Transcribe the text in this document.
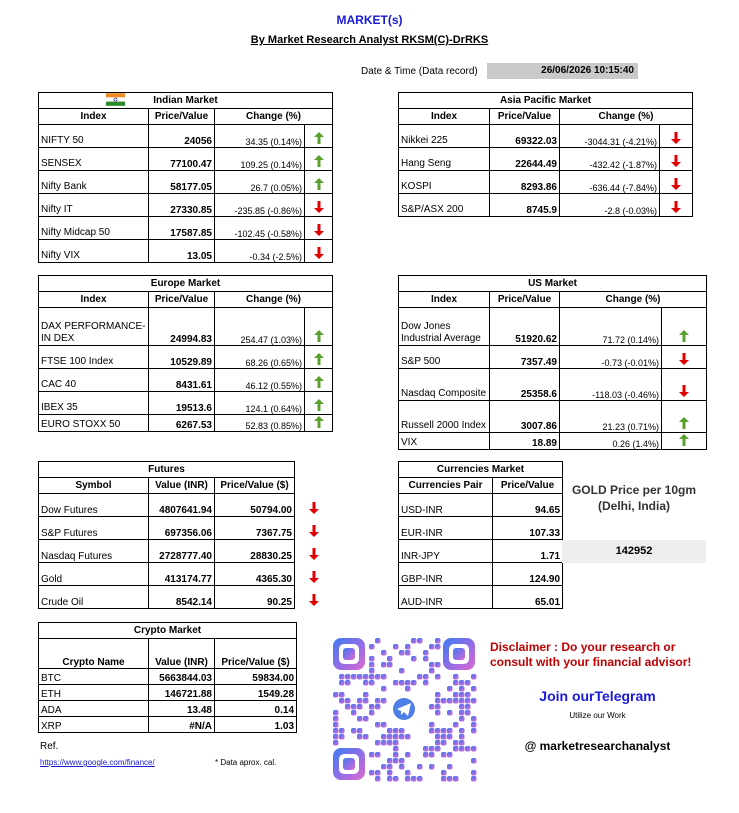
MARKET(s)
By Market Research Analyst RKSM(C)-DrRKS
Date & Time (Data record)	26/06/2026 10:15:40
Indian Market			
Index	Price/Value	Change (%)	
NIFTY 50	24056	34.35 (0.14%)	
SENSEX	77100.47	109.25 (0.14%)	
Nifty Bank	58177.05	26.7 (0.05%)	
Nifty IT	27330.85	-235.85 (-0.86%)	
Nifty Midcap 50	17587.85	-102.45 (-0.58%)	
Nifty VIX	13.05	-0.34 (-2.5%)	
Asia Pacific Market			
Index	Price/Value	Change (%)	
Nikkei 225	69322.03	-3044.31 (-4.21%)	
Hang Seng	22644.49	-432.42 (-1.87%)	
KOSPI	8293.86	-636.44 (-7.84%)	
S&P/ASX 200	8745.9	-2.8 (-0.03%)	
Europe Market			
Index	Price/Value	Change (%)	
DAX PERFORMANCE-IN DEX	24994.83	254.47 (1.03%)	
FTSE 100 Index	10529.89	68.26 (0.65%)	
CAC 40	8431.61	46.12 (0.55%)	
IBEX 35	19513.6	124.1 (0.64%)	
EURO STOXX 50	6267.53	52.83 (0.85%)	
US Market			
Index	Price/Value	Change (%)	
Dow Jones Industrial Average	51920.62	71.72 (0.14%)	
S&P 500	7357.49	-0.73 (-0.01%)	
Nasdaq Composite	25358.6	-118.03 (-0.46%)	
Russell 2000 Index	3007.86	21.23 (0.71%)	
VIX	18.89	0.26 (1.4%)	
Futures			
Symbol	Value (INR)	Price/Value ($)	
Dow Futures	4807641.94	50794.00	
S&P Futures	697356.06	7367.75	
Nasdaq Futures	2728777.40	28830.25	
Gold	413174.77	4365.30	
Crude Oil	8542.14	90.25	
Currencies Market	
Currencies Pair	Price/Value
USD-INR	94.65
EUR-INR	107.33
INR-JPY	1.71
GBP-INR	124.90
AUD-INR	65.01
GOLD Price per 10gm
(Delhi, India)
142952
Crypto Market		
Crypto Name	Value (INR)	Price/Value ($)
BTC	5663844.03	59834.00
ETH	146721.88	1549.28
ADA	13.48	0.14
XRP	#N/A	1.03
Ref.
https://www.google.com/finance/	* Data aprox. cal.
Disclaimer : Do your research or consult with your financial advisor!
Join ourTelegram
Utilize our Work
@ marketresearchanalyst
